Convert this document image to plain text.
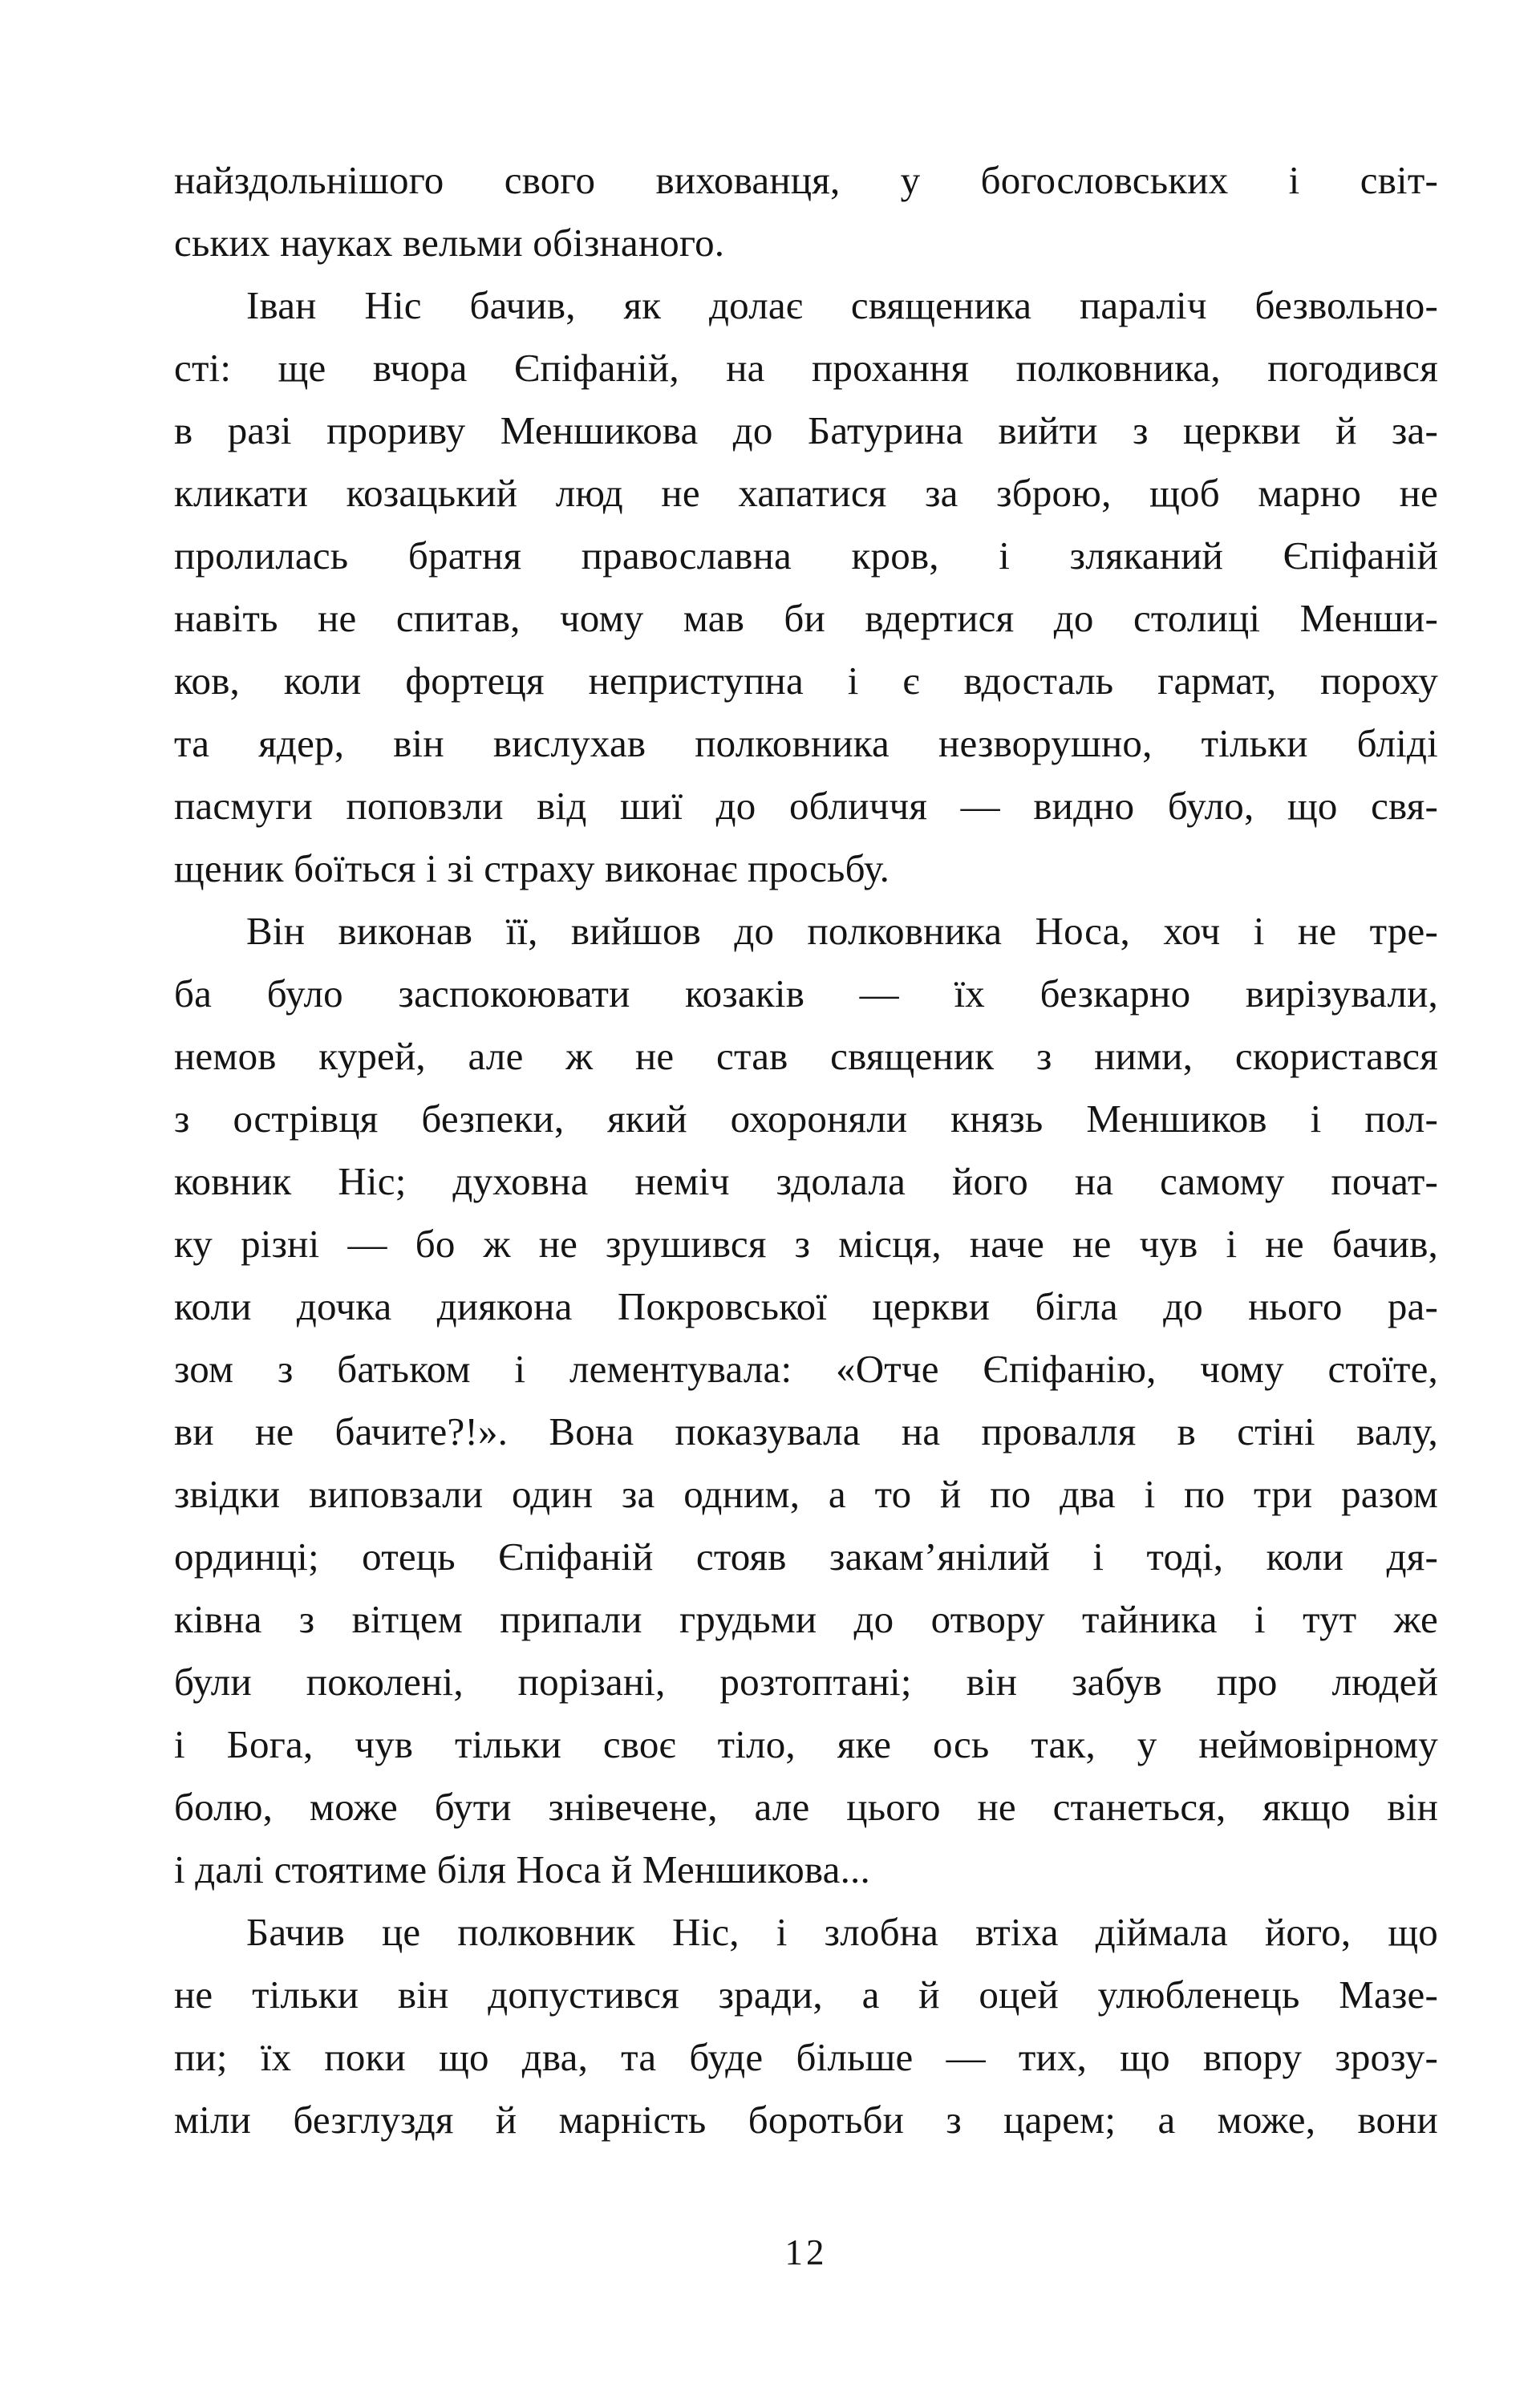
найздольнішого свого вихованця, у богословських і світ-
ських науках вельми обізнаного.
Іван Ніс бачив, як долає священика параліч безвольно-
сті: ще вчора Єпіфаній, на прохання полковника, погодився
в разі прориву Меншикова до Батурина вийти з церкви й за-
кликати козацький люд не хапатися за зброю, щоб марно не
пролилась братня православна кров, і зляканий Єпіфаній
навіть не спитав, чому мав би вдертися до столиці Менши-
ков, коли фортеця неприступна і є вдосталь гармат, пороху
та ядер, він вислухав полковника незворушно, тільки бліді
пасмуги поповзли від шиї до обличчя — видно було, що свя-
щеник боїться і зі страху виконає просьбу.
Він виконав її, вийшов до полковника Носа, хоч і не тре-
ба було заспокоювати козаків — їх безкарно вирізували,
немов курей, але ж не став священик з ними, скористався
з острівця безпеки, який охороняли князь Меншиков і пол-
ковник Ніс; духовна неміч здолала його на самому почат-
ку різні — бо ж не зрушився з місця, наче не чув і не бачив,
коли дочка диякона Покровської церкви бігла до нього ра-
зом з батьком і лементувала: «Отче Єпіфанію, чому стоїте,
ви не бачите?!». Вона показувала на провалля в стіні валу,
звідки виповзали один за одним, а то й по два і по три разом
ординці; отець Єпіфаній стояв закам’янілий і тоді, коли дя-
ківна з вітцем припали грудьми до отвору тайника і тут же
були поколені, порізані, розтоптані; він забув про людей
і Бога, чув тільки своє тіло, яке ось так, у неймовірному
болю, може бути знівечене, але цього не станеться, якщо він
і далі стоятиме біля Носа й Меншикова...
Бачив це полковник Ніс, і злобна втіха діймала його, що
не тільки він допустився зради, а й оцей улюбленець Мазе-
пи; їх поки що два, та буде більше — тих, що впору зрозу-
міли безглуздя й марність боротьби з царем; а може, вони
12
